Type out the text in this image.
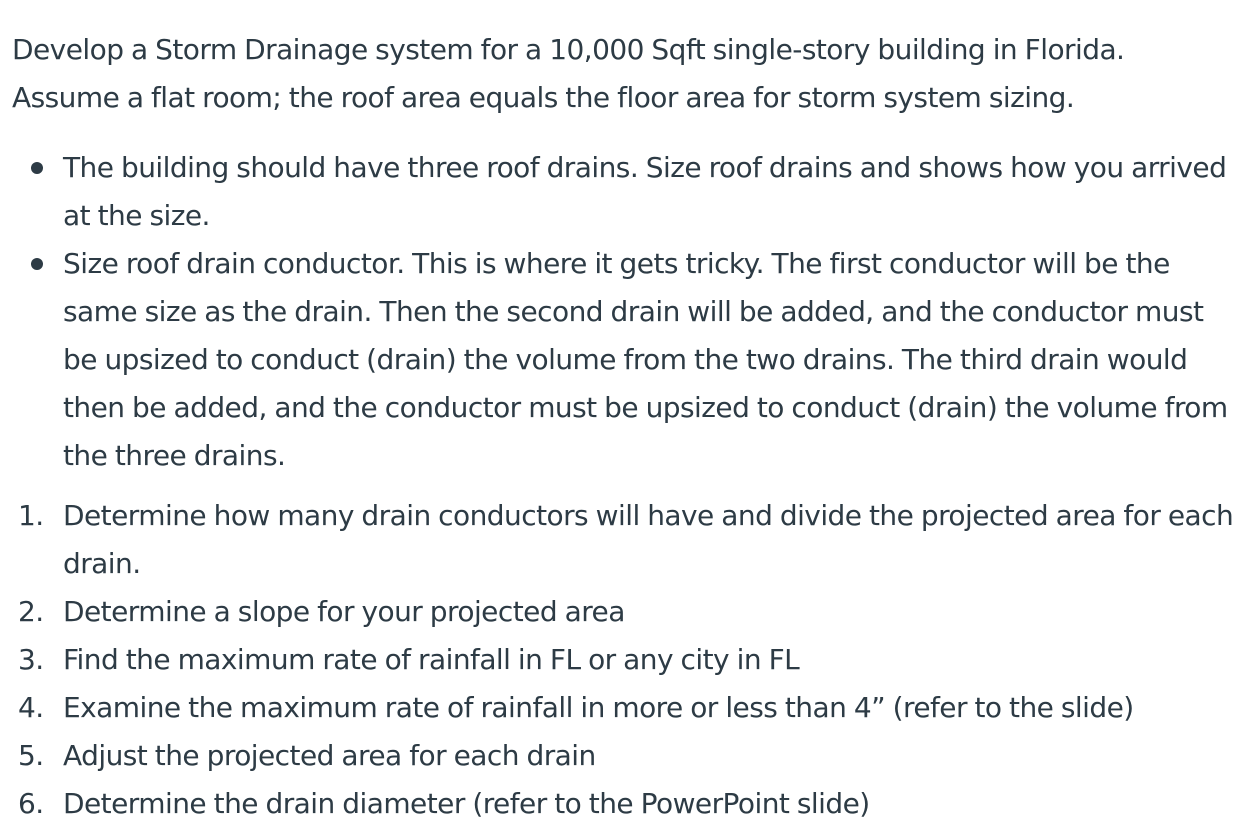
Develop a Storm Drainage system for a 10,000 Sqft single-story building in Florida.
Assume a flat room; the roof area equals the floor area for storm system sizing.

The building should have three roof drains. Size roof drains and shows how you arrived at the size.
Size roof drain conductor. This is where it gets tricky. The first conductor will be the same size as the drain. Then the second drain will be added, and the conductor must be upsized to conduct (drain) the volume from the two drains. The third drain would then be added, and the conductor must be upsized to conduct (drain) the volume from the three drains.
1. Determine how many drain conductors will have and divide the projected area for each drain.
2. Determine a slope for your projected area
3. Find the maximum rate of rainfall in FL or any city in FL
4. Examine the maximum rate of rainfall in more or less than 4” (refer to the slide)
5. Adjust the projected area for each drain
6. Determine the drain diameter (refer to the PowerPoint slide)
